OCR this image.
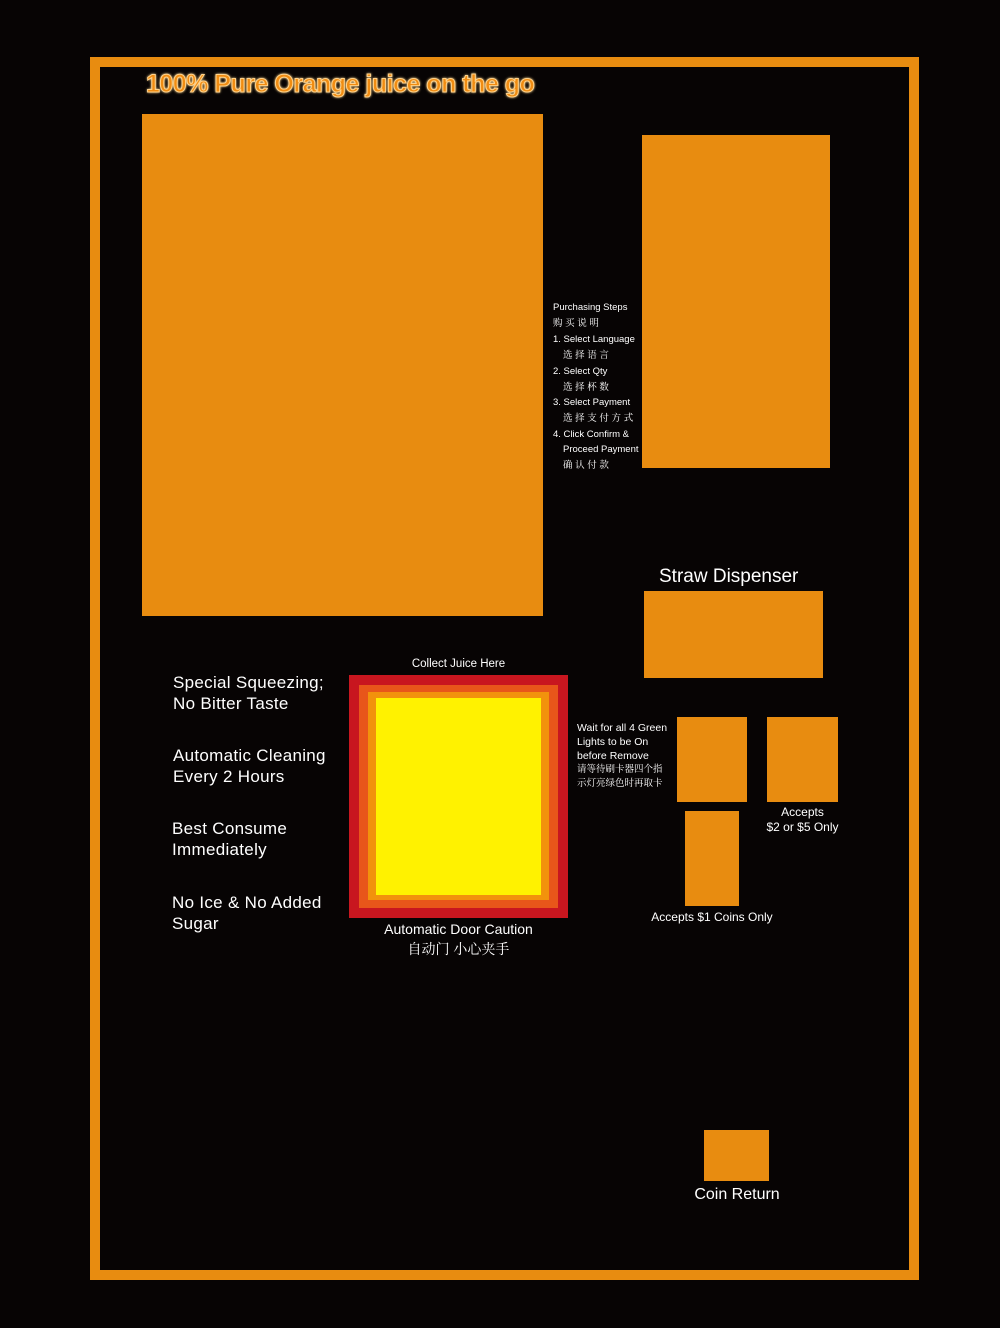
100% Pure Orange juice on the go
Purchasing Steps
购 买 说 明
1. Select Language
选 择 语 言
2. Select Qty
选 择 杯 数
3. Select Payment
选 择 支 付 方 式
4. Click Confirm &
Proceed Payment
确 认 付 款
Straw Dispenser
Special Squeezing;
No Bitter Taste
Automatic Cleaning
Every 2 Hours
Best Consume
Immediately
No Ice & No Added
Sugar
Collect Juice Here
Automatic Door Caution
自动门 小心夹手
Wait for all 4 Green
Lights to be On
before Remove
请等待刷卡器四个指
示灯亮绿色时再取卡
Accepts
$2 or $5 Only
Accepts $1 Coins Only
Coin Return
